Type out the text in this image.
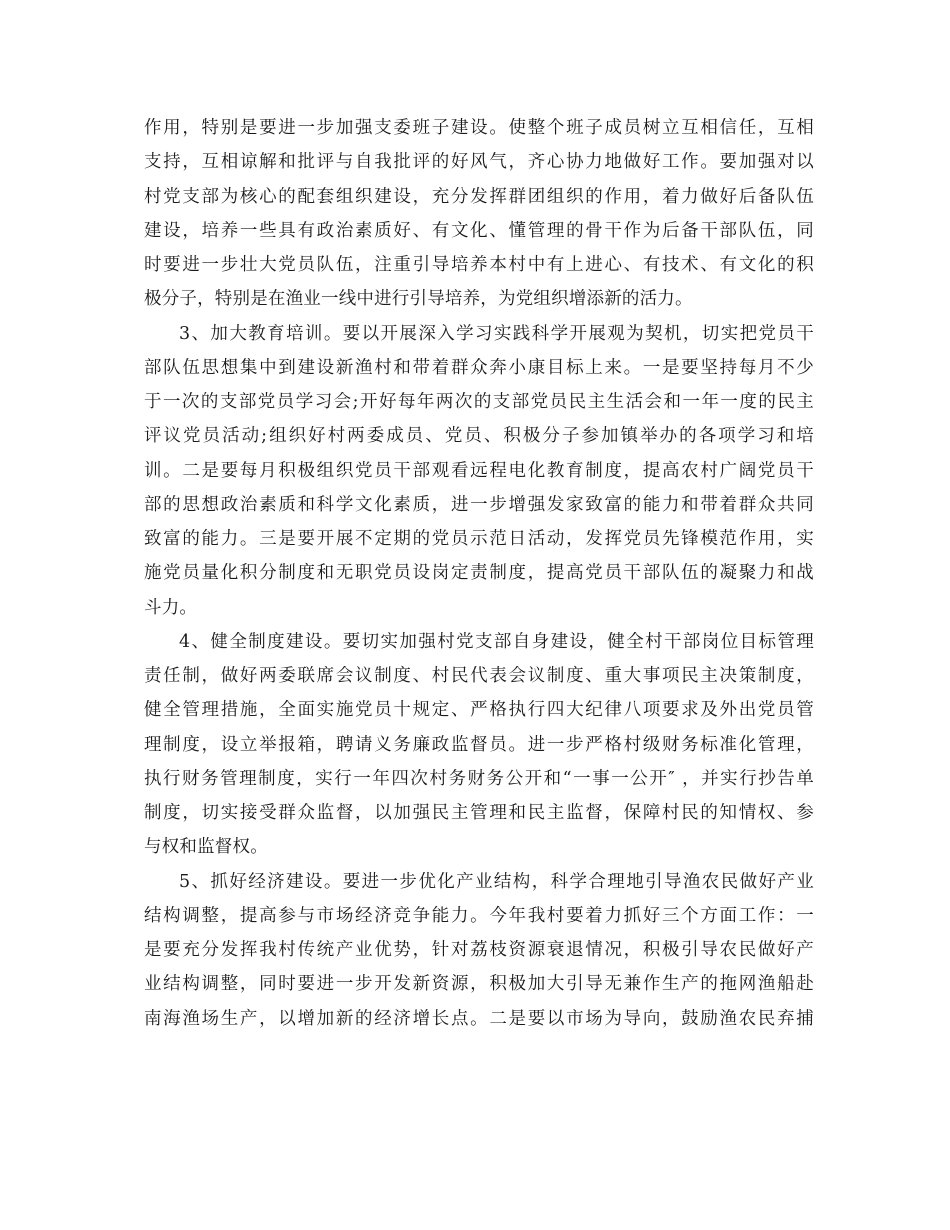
作用，特别是要进一步加强支委班子建设。使整个班子成员树立互相信任，互相
支持，互相谅解和批评与自我批评的好风气，齐心协力地做好工作。要加强对以
村党支部为核心的配套组织建设，充分发挥群团组织的作用，着力做好后备队伍
建设，培养一些具有政治素质好、有文化、懂管理的骨干作为后备干部队伍，同
时要进一步壮大党员队伍，注重引导培养本村中有上进心、有技术、有文化的积
极分子，特别是在渔业一线中进行引导培养，为党组织增添新的活力。
3、加大教育培训。要以开展深入学习实践科学开展观为契机，切实把党员干
部队伍思想集中到建设新渔村和带着群众奔小康目标上来。一是要坚持每月不少
于一次的支部党员学习会;开好每年两次的支部党员民主生活会和一年一度的民主
评议党员活动;组织好村两委成员、党员、积极分子参加镇举办的各项学习和培
训。二是要每月积极组织党员干部观看远程电化教育制度，提高农村广阔党员干
部的思想政治素质和科学文化素质，进一步增强发家致富的能力和带着群众共同
致富的能力。三是要开展不定期的党员示范日活动，发挥党员先锋模范作用，实
施党员量化积分制度和无职党员设岗定责制度，提高党员干部队伍的凝聚力和战
斗力。
4、健全制度建设。要切实加强村党支部自身建设，健全村干部岗位目标管理
责任制，做好两委联席会议制度、村民代表会议制度、重大事项民主决策制度，
健全管理措施，全面实施党员十规定、严格执行四大纪律八项要求及外出党员管
理制度，设立举报箱，聘请义务廉政监督员。进一步严格村级财务标准化管理，
执行财务管理制度，实行一年四次村务财务公开和“一事一公开″ ，并实行抄告单
制度，切实接受群众监督，以加强民主管理和民主监督，保障村民的知情权、参
与权和监督权。
5、抓好经济建设。要进一步优化产业结构，科学合理地引导渔农民做好产业
结构调整，提高参与市场经济竞争能力。今年我村要着力抓好三个方面工作：一
是要充分发挥我村传统产业优势，针对荔枝资源衰退情况，积极引导农民做好产
业结构调整，同时要进一步开发新资源，积极加大引导无兼作生产的拖网渔船赴
南海渔场生产，以增加新的经济增长点。二是要以市场为导向，鼓励渔农民弃捕
